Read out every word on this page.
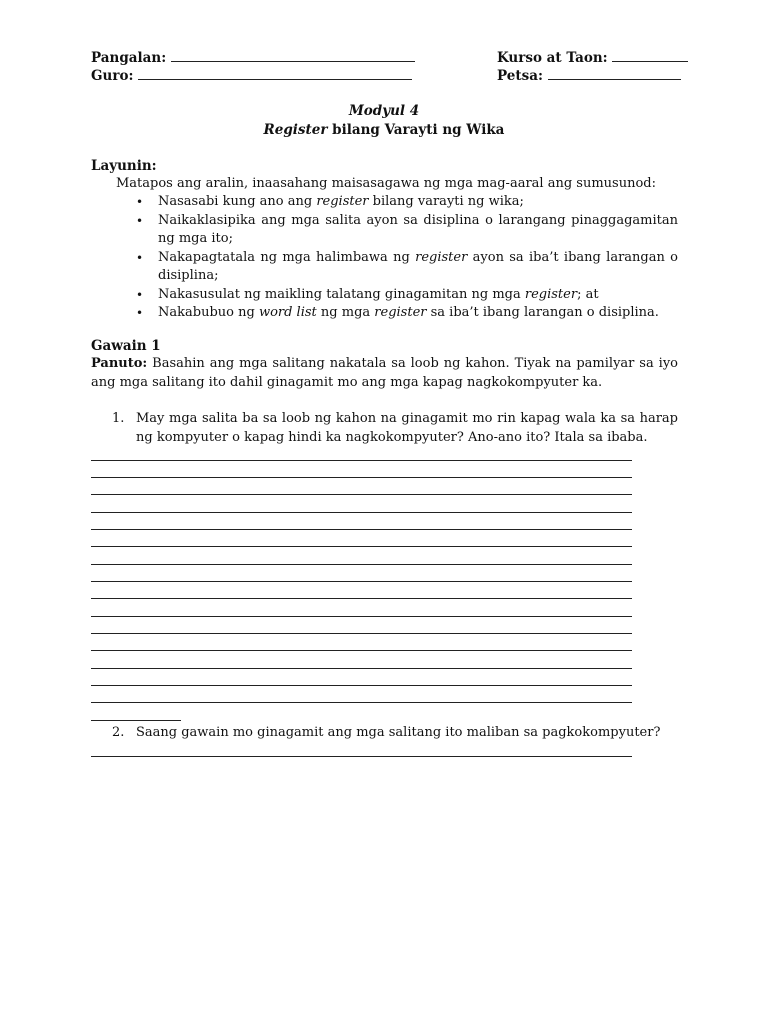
Pangalan:
Guro:
Kurso at Taon:
Petsa:
Modyul 4
Register bilang Varayti ng Wika
Layunin:
Matapos ang aralin, inaasahang maisasagawa ng mga mag-aaral ang sumusunod:
• Nasasabi kung ano ang register bilang varayti ng wika;
• Naikaklasipika ang mga salita ayon sa disiplina o larangang pinaggagamitan ng mga ito;
• Nakapagtatala ng mga halimbawa ng register ayon sa iba’t ibang larangan o disiplina;
• Nakasusulat ng maikling talatang ginagamitan ng mga register; at
• Nakabubuo ng word list ng mga register sa iba’t ibang larangan o disiplina.
Gawain 1
Panuto: Basahin ang mga salitang nakatala sa loob ng kahon. Tiyak na pamilyar sa iyo ang mga salitang ito dahil ginagamit mo ang mga kapag nagkokompyuter ka.
1. May mga salita ba sa loob ng kahon na ginagamit mo rin kapag wala ka sa harap ng kompyuter o kapag hindi ka nagkokompyuter? Ano-ano ito? Itala sa ibaba.
2. Saang gawain mo ginagamit ang mga salitang ito maliban sa pagkokompyuter?
